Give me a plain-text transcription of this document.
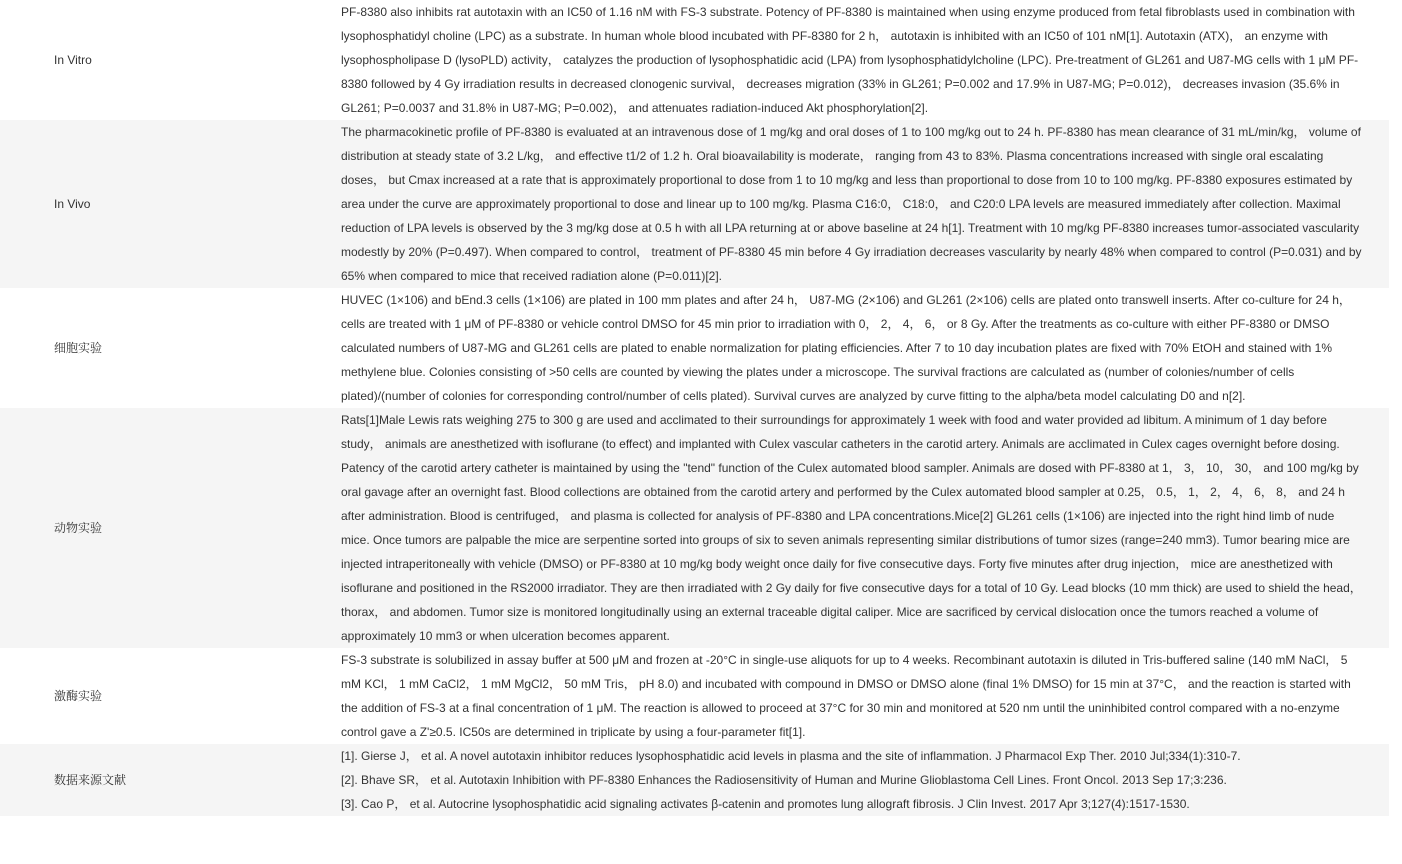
In Vitro	PF-8380 also inhibits rat autotaxin with an IC50 of 1.16 nM with FS-3 substrate. Potency of PF-8380 is maintained when using enzyme produced from fetal fibroblasts used in combination with lysophosphatidyl choline (LPC) as a substrate. In human whole blood incubated with PF-8380 for 2 h， autotaxin is inhibited with an IC50 of 101 nM[1]. Autotaxin (ATX)， an enzyme with lysophospholipase D (lysoPLD) activity， catalyzes the production of lysophosphatidic acid (LPA) from lysophosphatidylcholine (LPC). Pre-treatment of GL261 and U87-MG cells with 1 μM PF-8380 followed by 4 Gy irradiation results in decreased clonogenic survival， decreases migration (33% in GL261; P=0.002 and 17.9% in U87-MG; P=0.012)， decreases invasion (35.6% in GL261; P=0.0037 and 31.8% in U87-MG; P=0.002)， and attenuates radiation-induced Akt phosphorylation[2].
In Vivo	The pharmacokinetic profile of PF-8380 is evaluated at an intravenous dose of 1 mg/kg and oral doses of 1 to 100 mg/kg out to 24 h. PF-8380 has mean clearance of 31 mL/min/kg， volume of distribution at steady state of 3.2 L/kg， and effective t1/2 of 1.2 h. Oral bioavailability is moderate， ranging from 43 to 83%. Plasma concentrations increased with single oral escalating doses， but Cmax increased at a rate that is approximately proportional to dose from 1 to 10 mg/kg and less than proportional to dose from 10 to 100 mg/kg. PF-8380 exposures estimated by area under the curve are approximately proportional to dose and linear up to 100 mg/kg. Plasma C16:0， C18:0， and C20:0 LPA levels are measured immediately after collection. Maximal reduction of LPA levels is observed by the 3 mg/kg dose at 0.5 h with all LPA returning at or above baseline at 24 h[1]. Treatment with 10 mg/kg PF-8380 increases tumor-associated vascularity modestly by 20% (P=0.497). When compared to control， treatment of PF-8380 45 min before 4 Gy irradiation decreases vascularity by nearly 48% when compared to control (P=0.031) and by 65% when compared to mice that received radiation alone (P=0.011)[2].
细胞实验	HUVEC (1×106) and bEnd.3 cells (1×106) are plated in 100 mm plates and after 24 h， U87-MG (2×106) and GL261 (2×106) cells are plated onto transwell inserts. After co-culture for 24 h， cells are treated with 1 μM of PF-8380 or vehicle control DMSO for 45 min prior to irradiation with 0， 2， 4， 6， or 8 Gy. After the treatments as co-culture with either PF-8380 or DMSO calculated numbers of U87-MG and GL261 cells are plated to enable normalization for plating efficiencies. After 7 to 10 day incubation plates are fixed with 70% EtOH and stained with 1% methylene blue. Colonies consisting of >50 cells are counted by viewing the plates under a microscope. The survival fractions are calculated as (number of colonies/number of cells plated)/(number of colonies for corresponding control/number of cells plated). Survival curves are analyzed by curve fitting to the alpha/beta model calculating D0 and n[2].
动物实验	Rats[1]Male Lewis rats weighing 275 to 300 g are used and acclimated to their surroundings for approximately 1 week with food and water provided ad libitum. A minimum of 1 day before study， animals are anesthetized with isoflurane (to effect) and implanted with Culex vascular catheters in the carotid artery. Animals are acclimated in Culex cages overnight before dosing. Patency of the carotid artery catheter is maintained by using the "tend" function of the Culex automated blood sampler. Animals are dosed with PF-8380 at 1， 3， 10， 30， and 100 mg/kg by oral gavage after an overnight fast. Blood collections are obtained from the carotid artery and performed by the Culex automated blood sampler at 0.25， 0.5， 1， 2， 4， 6， 8， and 24 h after administration. Blood is centrifuged， and plasma is collected for analysis of PF-8380 and LPA concentrations.Mice[2] GL261 cells (1×106) are injected into the right hind limb of nude mice. Once tumors are palpable the mice are serpentine sorted into groups of six to seven animals representing similar distributions of tumor sizes (range=240 mm3). Tumor bearing mice are injected intraperitoneally with vehicle (DMSO) or PF-8380 at 10 mg/kg body weight once daily for five consecutive days. Forty five minutes after drug injection， mice are anesthetized with isoflurane and positioned in the RS2000 irradiator. They are then irradiated with 2 Gy daily for five consecutive days for a total of 10 Gy. Lead blocks (10 mm thick) are used to shield the head， thorax， and abdomen. Tumor size is monitored longitudinally using an external traceable digital caliper. Mice are sacrificed by cervical dislocation once the tumors reached a volume of approximately 10 mm3 or when ulceration becomes apparent.
激酶实验	FS-3 substrate is solubilized in assay buffer at 500 μM and frozen at -20°C in single-use aliquots for up to 4 weeks. Recombinant autotaxin is diluted in Tris-buffered saline (140 mM NaCl， 5 mM KCl， 1 mM CaCl2， 1 mM MgCl2， 50 mM Tris， pH 8.0) and incubated with compound in DMSO or DMSO alone (final 1% DMSO) for 15 min at 37°C， and the reaction is started with the addition of FS-3 at a final concentration of 1 μM. The reaction is allowed to proceed at 37°C for 30 min and monitored at 520 nm until the uninhibited control compared with a no-enzyme control gave a Z'≥0.5. IC50s are determined in triplicate by using a four-parameter fit[1].
数据来源文献	[1]. Gierse J， et al. A novel autotaxin inhibitor reduces lysophosphatidic acid levels in plasma and the site of inflammation. J Pharmacol Exp Ther. 2010 Jul;334(1):310-7.
[2]. Bhave SR， et al. Autotaxin Inhibition with PF-8380 Enhances the Radiosensitivity of Human and Murine Glioblastoma Cell Lines. Front Oncol. 2013 Sep 17;3:236.
[3]. Cao P， et al. Autocrine lysophosphatidic acid signaling activates β-catenin and promotes lung allograft fibrosis. J Clin Invest. 2017 Apr 3;127(4):1517-1530.
